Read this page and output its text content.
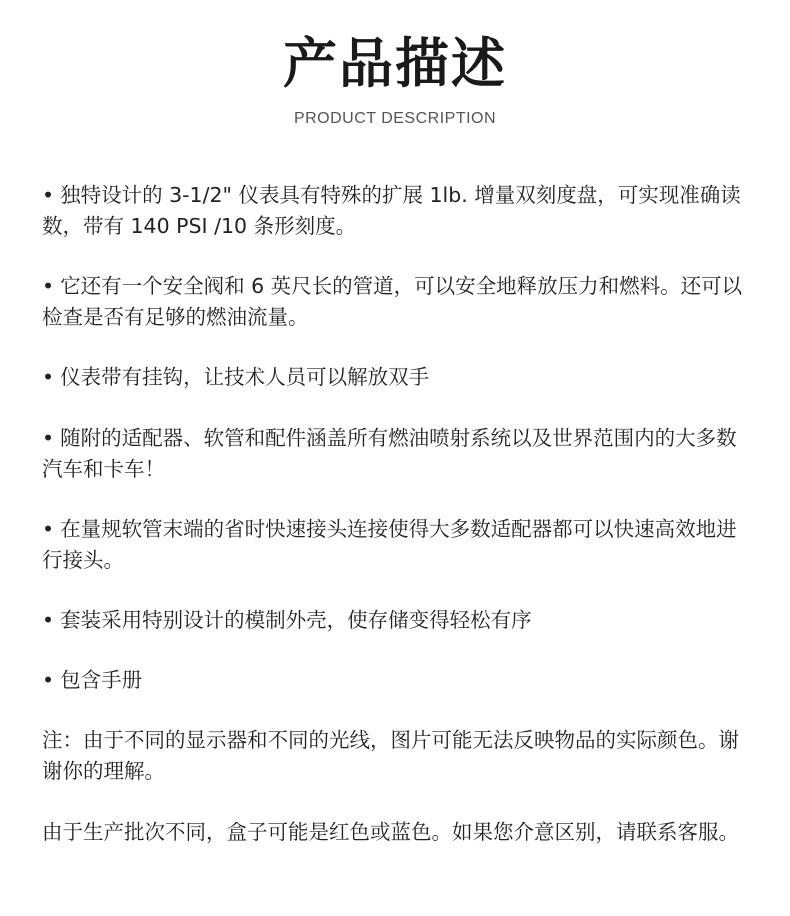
产品描述
PRODUCT DESCRIPTION

• 独特设计的 3-1/2" 仪表具有特殊的扩展 1lb. 增量双刻度盘，可实现准确读数，带有 140 PSI /10 条形刻度。

• 它还有一个安全阀和 6 英尺长的管道，可以安全地释放压力和燃料。还可以检查是否有足够的燃油流量。

• 仪表带有挂钩，让技术人员可以解放双手

• 随附的适配器、软管和配件涵盖所有燃油喷射系统以及世界范围内的大多数汽车和卡车！

• 在量规软管末端的省时快速接头连接使得大多数适配器都可以快速高效地进行接头。

• 套装采用特别设计的模制外壳，使存储变得轻松有序

• 包含手册

注：由于不同的显示器和不同的光线，图片可能无法反映物品的实际颜色。谢谢你的理解。

由于生产批次不同，盒子可能是红色或蓝色。如果您介意区别，请联系客服。
